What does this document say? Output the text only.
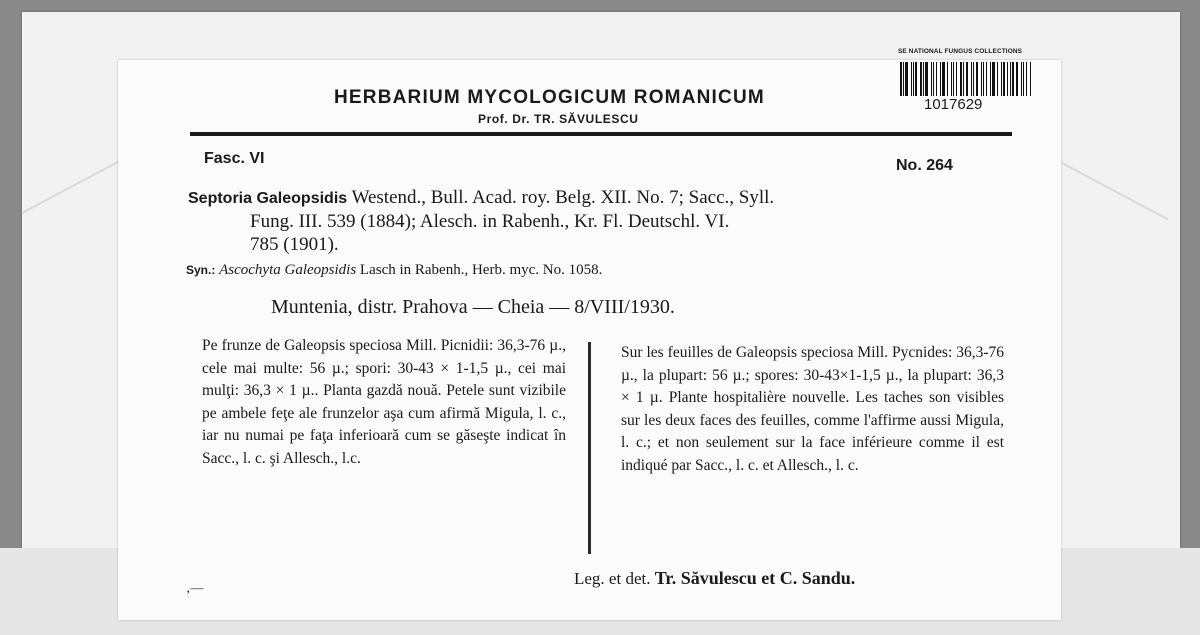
HERBARIUM MYCOLOGICUM ROMANICUM
Prof. Dr. TR. SĂVULESCU
Fasc. VI	No. 264
Septoria Galeopsidis Westend., Bull. Acad. roy. Belg. XII. No. 7; Sacc., Syll.
Fung. III. 539 (1884); Alesch. in Rabenh., Kr. Fl. Deutschl. VI.
785 (1901).
Syn.: Ascochyta Galeopsidis Lasch in Rabenh., Herb. myc. No. 1058.
Muntenia, distr. Prahova — Cheia — 8/VIII/1930.
Pe frunze de Galeopsis speciosa Mill. Picnidii: 36,3-76 µ., cele mai multe: 56 µ.; spori: 30-43 × 1-1,5 µ., cei mai mulţi: 36,3 × 1 µ.. Planta gazdă nouă. Petele sunt vizibile pe ambele feţe ale frunzelor aşa cum afirmă Migula, l. c., iar nu numai pe faţa inferioară cum se găseşte indicat în Sacc., l. c. şi Allesch., l.c.
Sur les feuilles de Galeopsis speciosa Mill. Pycnides: 36,3-76 µ., la plupart: 56 µ.; spores: 30-43×1-1,5 µ., la plupart: 36,3 × 1 µ. Plante hospitalière nouvelle. Les taches son visibles sur les deux faces des feuilles, comme l'affirme aussi Migula, l. c.; et non seulement sur la face inférieure comme il est indiqué par Sacc., l. c. et Allesch., l. c.
Leg. et det. Tr. Săvulescu et C. Sandu.
‚—
SE NATIONAL FUNGUS COLLECTIONS
1017629
